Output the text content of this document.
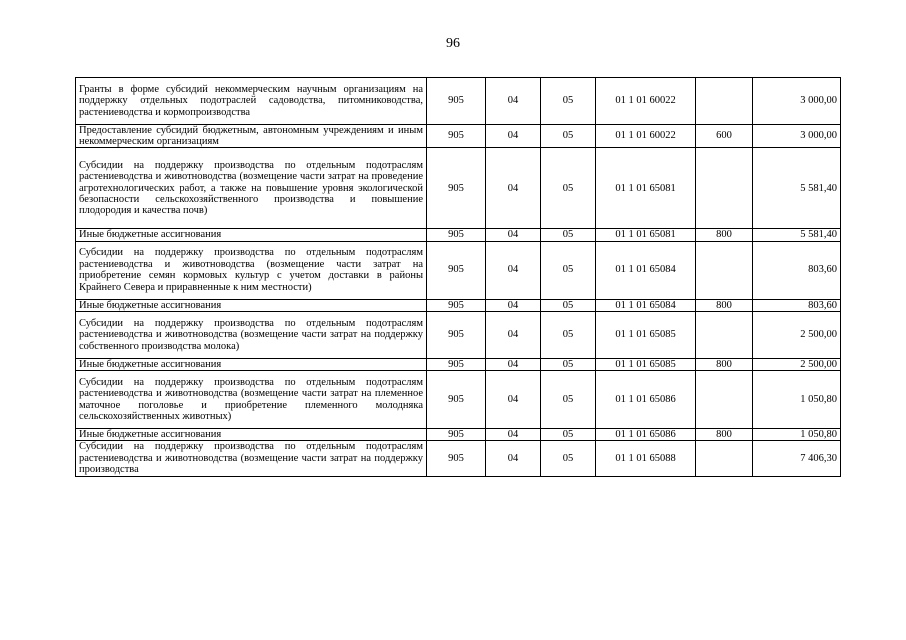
96
Гранты в форме субсидий некоммерческим научным организациям на поддержку отдельных подотраслей садоводства, питомниководства, растениеводства и кормопроизводства	905	04	05	01 1 01 60022		3 000,00
Предоставление субсидий бюджетным, автономным учреждениям и иным некоммерческим организациям	905	04	05	01 1 01 60022	600	3 000,00
Субсидии на поддержку производства по отдельным подотраслям растениеводства и животноводства (возмещение части затрат на проведение агротехнологических работ, а также на повышение уровня экологической безопасности сельскохозяйственного производства и повышение плодородия и качества почв)	905	04	05	01 1 01 65081		5 581,40
Иные бюджетные ассигнования	905	04	05	01 1 01 65081	800	5 581,40
Субсидии на поддержку производства по отдельным подотраслям растениеводства и животноводства (возмещение части затрат на приобретение семян кормовых культур с учетом доставки в районы Крайнего Севера и приравненные к ним местности)	905	04	05	01 1 01 65084		803,60
Иные бюджетные ассигнования	905	04	05	01 1 01 65084	800	803,60
Субсидии на поддержку производства по отдельным подотраслям растениеводства и животноводства (возмещение части затрат на поддержку собственного производства молока)	905	04	05	01 1 01 65085		2 500,00
Иные бюджетные ассигнования	905	04	05	01 1 01 65085	800	2 500,00
Субсидии на поддержку производства по отдельным подотраслям растениеводства и животноводства (возмещение части затрат на племенное маточное поголовье и приобретение племенного молодняка сельскохозяйственных животных)	905	04	05	01 1 01 65086		1 050,80
Иные бюджетные ассигнования	905	04	05	01 1 01 65086	800	1 050,80
Субсидии на поддержку производства по отдельным подотраслям растениеводства и животноводства (возмещение части затрат на поддержку производства	905	04	05	01 1 01 65088		7 406,30
